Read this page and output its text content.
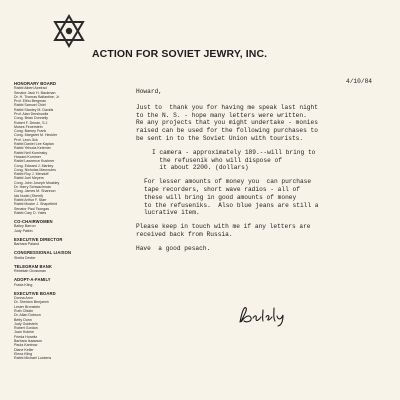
ACTION FOR SOVIET JEWRY, INC.
HONORARY BOARD
Rabbi Albert Axelrad
Senator Jack H. Backman
Dr. H. Thomas Ballantine, Jr.
Prof. Elihu Bergman
Rabbi Samuel Chiel
Rabbi Stanley M. Davids
Prof. Alan Dershowitz
Cong. Brian Donnelly
Robert F. Drinan, S.J.
Moses Feuerstein
Cong. Barney Frank
Cong. Margaret M. Heckler
Prof. Leon Jick
Rabbi Daniel Lee Kaplan
Rabbi Yehuda Kelemer
Rabbi Neil Kominsky
Howard Kummer
Rabbi Lawrence Kushner
Cong. Edward J. Markey
Cong. Nicholas Mavroules
Rabbi Roy J. Mendoff
Rabbi Joel Meyers
Cong. John Joseph Moakley
Dr. Harry Schwachman
Cong. James M. Shannon
Ida Nudel (Sheirit)
Rabbi Arthur F. Starr
Rabbi Moshe J. Shapefield
Senator Paul Tsongas
Rabbi Cary D. Yales
CO-CHAIRWOMEN
Bailey Barron
Judy Patkin
EXECUTIVE DIRECTOR
Barbara Paland
CONGRESSIONAL LIAISON
Sheila Decter
TELEGRAM BANK
Rebekah Grossman
ADOPT-A-FAMILY
Frada Kling
EXECUTIVE BOARD
Donna Aron
Dr. Sheldon Benjamin
Lester Bronstein
Ruth Cliskin
Dr. Allan Dobson
Betty Dunn
Judy Goldstein
Robert Gordon
Joan Hokine
Frieda Horwitz
Barbara Isaacson
Paula Kantrow
Diane Keller
Elena Kling
Rabbi Michael Luckens
4/10/84
Howard,
Just to  thank you for having me speak last night
to the N. S. - hope many letters were written.
Re any projects that you might undertake - monies
raised can be used for the following purchases to
be sent in to the Soviet Union with tourists.
I camera - approximately 189.--will bring to
the refusenik who will dispose of
it about 2200. (dollars)
For lesser amounts of money you  can purchase
tape recorders, short wave radios - all of
these will bring in good amounts of money
to the refuseniks.  Also blue jeans are still a
lucrative item.
Please keep in touch with me if any letters are
received back from Russia.
Have  a good pesach.
